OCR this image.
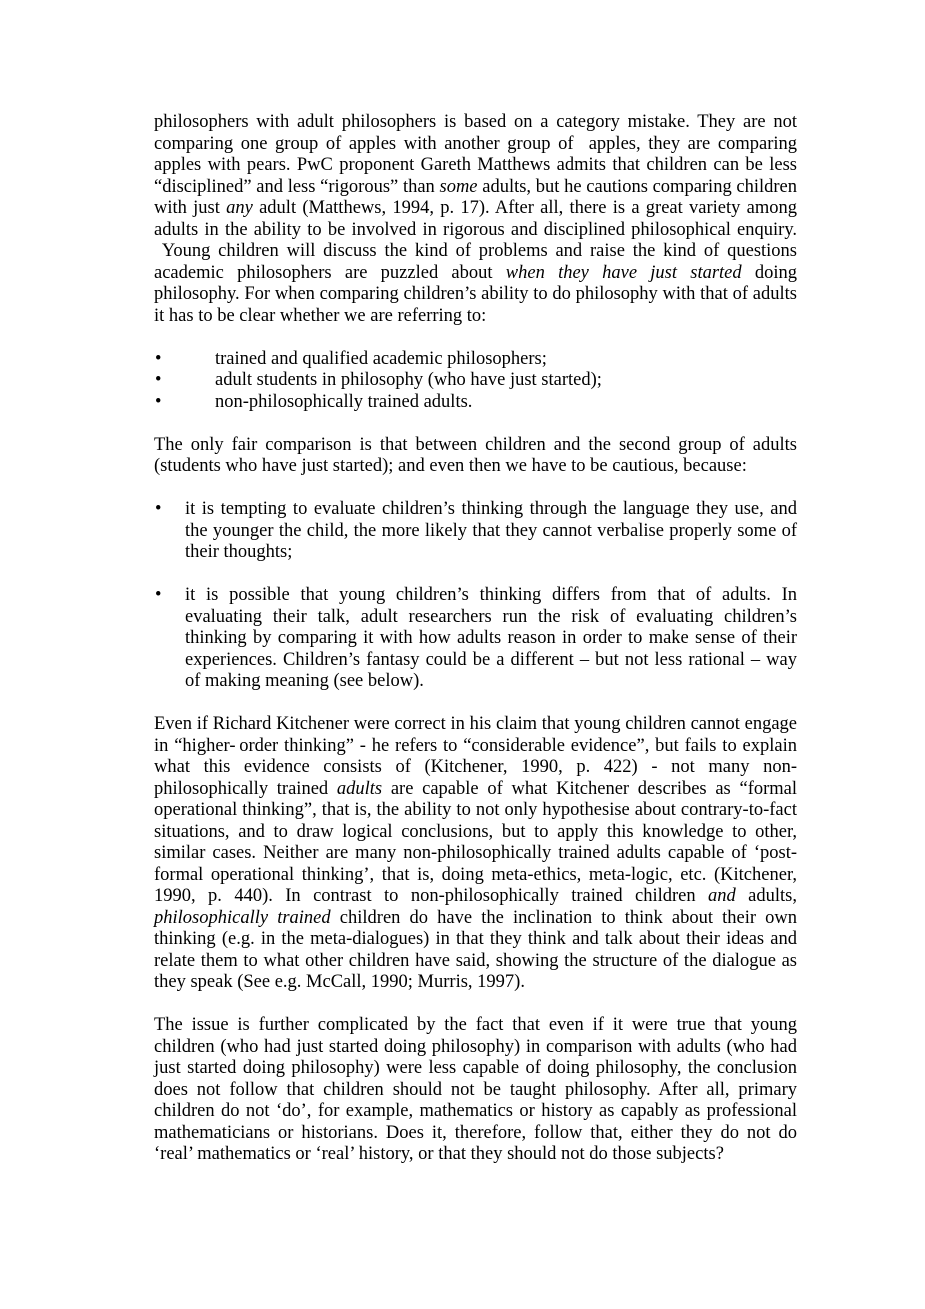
philosophers with adult philosophers is based on a category mistake. They are not comparing one group of apples with another group of  apples, they are comparing apples with pears. PwC proponent Gareth Matthews admits that children can be less “disciplined” and less “rigorous” than some adults, but he cautions comparing children with just any adult (Matthews, 1994, p. 17). After all, there is a great variety among adults in the ability to be involved in rigorous and disciplined philosophical enquiry.  Young children will discuss the kind of problems and raise the kind of questions academic philosophers are puzzled about when they have just started doing philosophy. For when comparing children’s ability to do philosophy with that of adults it has to be clear whether we are referring to:

•	trained and qualified academic philosophers;
•	adult students in philosophy (who have just started);
•	non-philosophically trained adults.

The only fair comparison is that between children and the second group of adults (students who have just started); and even then we have to be cautious, because:

• it is tempting to evaluate children’s thinking through the language they use, and the younger the child, the more likely that they cannot verbalise properly some of their thoughts;
• it is possible that young children’s thinking differs from that of adults. In evaluating their talk, adult researchers run the risk of evaluating children’s thinking by comparing it with how adults reason in order to make sense of their experiences. Children’s fantasy could be a different – but not less rational – way of making meaning (see below).

Even if Richard Kitchener were correct in his claim that young children cannot engage in “higher- order thinking” - he refers to “considerable evidence”, but fails to explain what this evidence consists of (Kitchener, 1990, p. 422) - not many non-philosophically trained adults are capable of what Kitchener describes as “formal operational thinking”, that is, the ability to not only hypothesise about contrary-to-fact situations, and to draw logical conclusions, but to apply this knowledge to other, similar cases. Neither are many non-philosophically trained adults capable of ‘post-formal operational thinking’, that is, doing meta-ethics, meta-logic, etc. (Kitchener, 1990, p. 440). In contrast to non-philosophically trained children and adults, philosophically trained children do have the inclination to think about their own thinking (e.g. in the meta-dialogues) in that they think and talk about their ideas and relate them to what other children have said, showing the structure of the dialogue as they speak (See e.g. McCall, 1990; Murris, 1997).

The issue is further complicated by the fact that even if it were true that young children (who had just started doing philosophy) in comparison with adults (who had just started doing philosophy) were less capable of doing philosophy, the conclusion does not follow that children should not be taught philosophy. After all, primary children do not ‘do’, for example, mathematics or history as capably as professional mathematicians or historians. Does it, therefore, follow that, either they do not do ‘real’ mathematics or ‘real’ history, or that they should not do those subjects?
